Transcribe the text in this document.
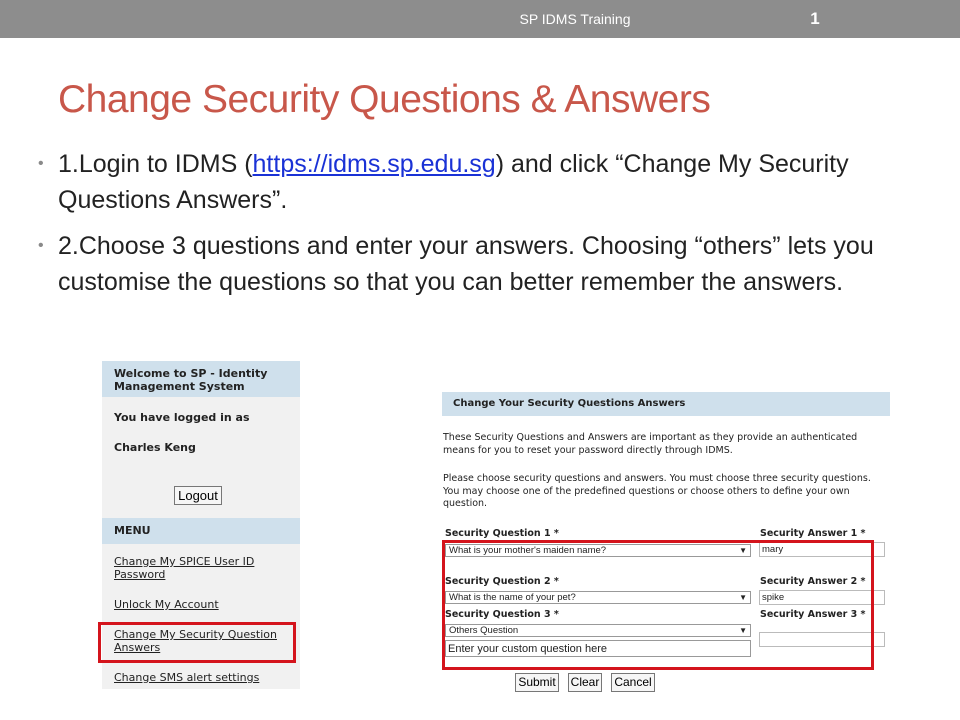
SP IDMS Training	1
Change Security Questions & Answers
• 1.Login to IDMS (https://idms.sp.edu.sg) and click “Change My Security Questions Answers”.
• 2.Choose 3 questions and enter your answers. Choosing “others” lets you customise the questions so that you can better remember the answers.
Welcome to SP - Identity Management System
You have logged in as
Charles Keng
Logout
MENU
Change My SPICE User ID Password
Unlock My Account
Change My Security Question Answers
Change SMS alert settings
Change Your Security Questions Answers
These Security Questions and Answers are important as they provide an authenticated means for you to reset your password directly through IDMS.
Please choose security questions and answers. You must choose three security questions. You may choose one of the predefined questions or choose others to define your own question.
Security Question 1 *	Security Answer 1 *
What is your mother's maiden name?	▼	mary
Security Question 2 *	Security Answer 2 *
What is the name of your pet?	▼	spike
Security Question 3 *	Security Answer 3 *
Others Question	▼
Enter your custom question here
Submit Clear Cancel
